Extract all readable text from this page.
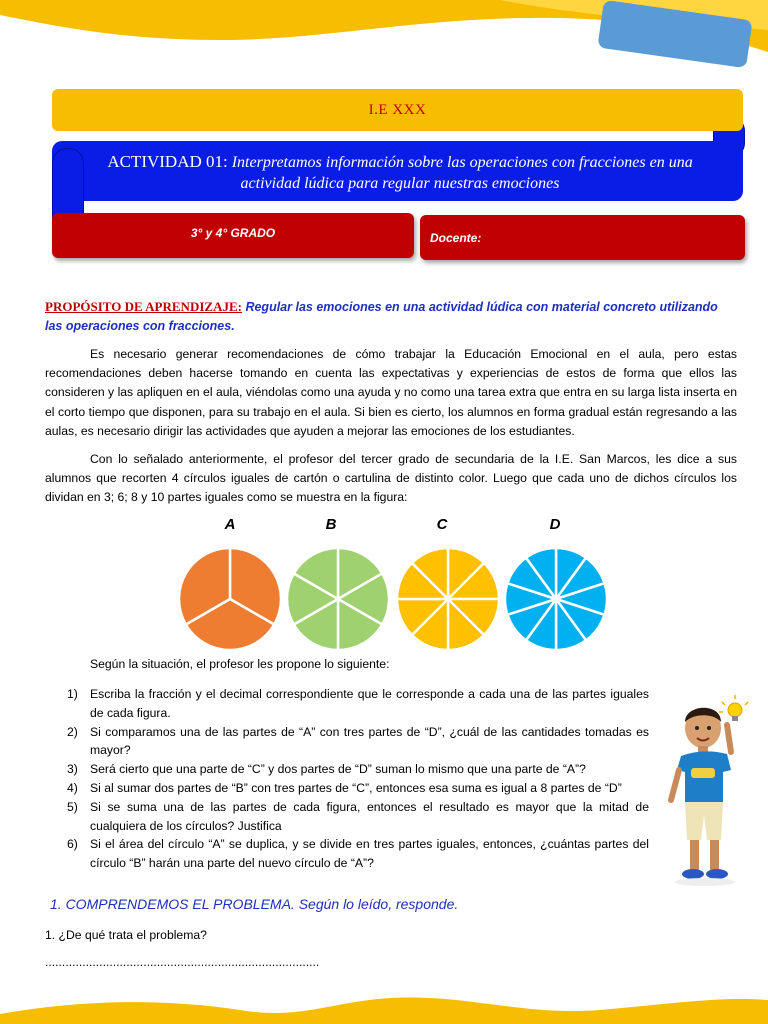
I.E XXX
ACTIVIDAD 01: Interpretamos información sobre las operaciones con fracciones en una actividad lúdica para regular nuestras emociones
3° y 4° GRADO	Docente:
PROPÓSITO DE APRENDIZAJE: Regular las emociones en una actividad lúdica con material concreto utilizando las operaciones con fracciones.
Es necesario generar recomendaciones de cómo trabajar la Educación Emocional en el aula, pero estas recomendaciones deben hacerse tomando en cuenta las expectativas y experiencias de estos de forma que ellos las consideren y las apliquen en el aula, viéndolas como una ayuda y no como una tarea extra que entra en su larga lista inserta en el corto tiempo que disponen, para su trabajo en el aula. Si bien es cierto, los alumnos en forma gradual están regresando a las aulas, es necesario dirigir las actividades que ayuden a mejorar las emociones de los estudiantes.
Con lo señalado anteriormente, el profesor del tercer grado de secundaria de la I.E. San Marcos, les dice a sus alumnos que recorten 4 círculos iguales de cartón o cartulina de distinto color. Luego que cada uno de dichos círculos los dividan en 3; 6; 8 y 10 partes iguales como se muestra en la figura:
A	B	C	D
Según la situación, el profesor les propone lo siguiente:
1) Escriba la fracción y el decimal correspondiente que le corresponde a cada una de las partes iguales de cada figura.
2) Si comparamos una de las partes de “A” con tres partes de “D”, ¿cuál de las cantidades tomadas es mayor?
3) Será cierto que una parte de “C” y dos partes de “D” suman lo mismo que una parte de “A”?
4) Si al sumar dos partes de “B” con tres partes de “C”, entonces esa suma es igual a 8 partes de “D”
5) Si se suma una de las partes de cada figura, entonces el resultado es mayor que la mitad de cualquiera de los círculos? Justifica
6) Si el área del círculo “A” se duplica, y se divide en tres partes iguales, entonces, ¿cuántas partes del círculo “B” harán una parte del nuevo círculo de “A”?
1. COMPRENDEMOS EL PROBLEMA. Según lo leído, responde.
1. ¿De qué trata el problema?
.................................................................................
